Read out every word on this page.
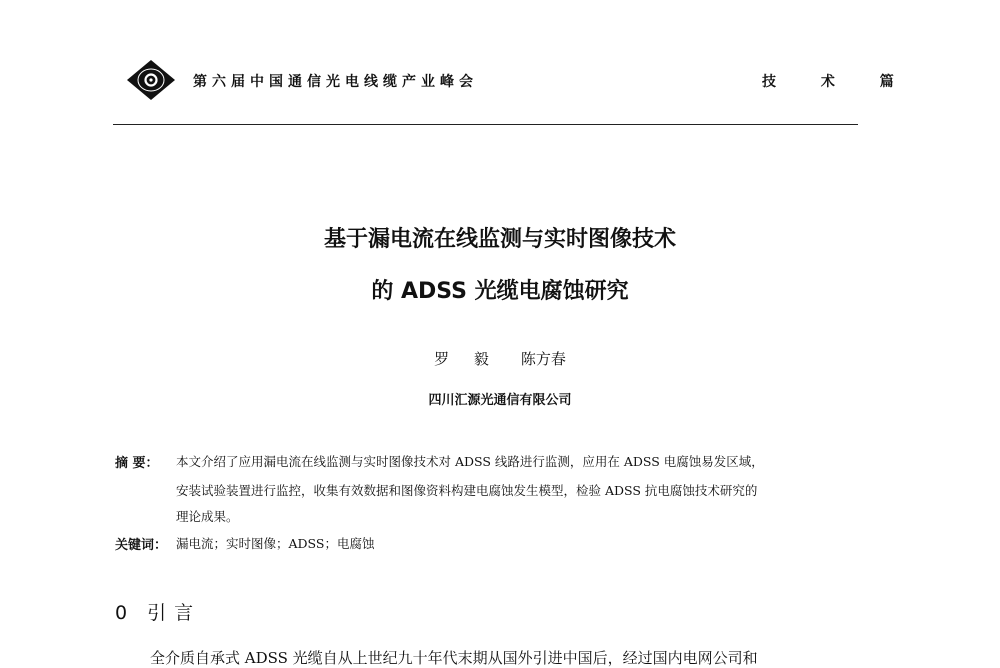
第六届中国通信光电线缆产业峰会	技 术 篇
基于漏电流在线监测与实时图像技术
的 ADSS 光缆电腐蚀研究
罗 毅 陈方春
四川汇源光通信有限公司
摘 要： 本文介绍了应用漏电流在线监测与实时图像技术对 ADSS 线路进行监测，应用在 ADSS 电腐蚀易发区域，
安装试验装置进行监控，收集有效数据和图像资料构建电腐蚀发生模型，检验 ADSS 抗电腐蚀技术研究的
理论成果。
关键词： 漏电流；实时图像；ADSS；电腐蚀
0 引言
全介质自承式 ADSS 光缆自从上世纪九十年代末期从国外引进中国后，经过国内电网公司和
